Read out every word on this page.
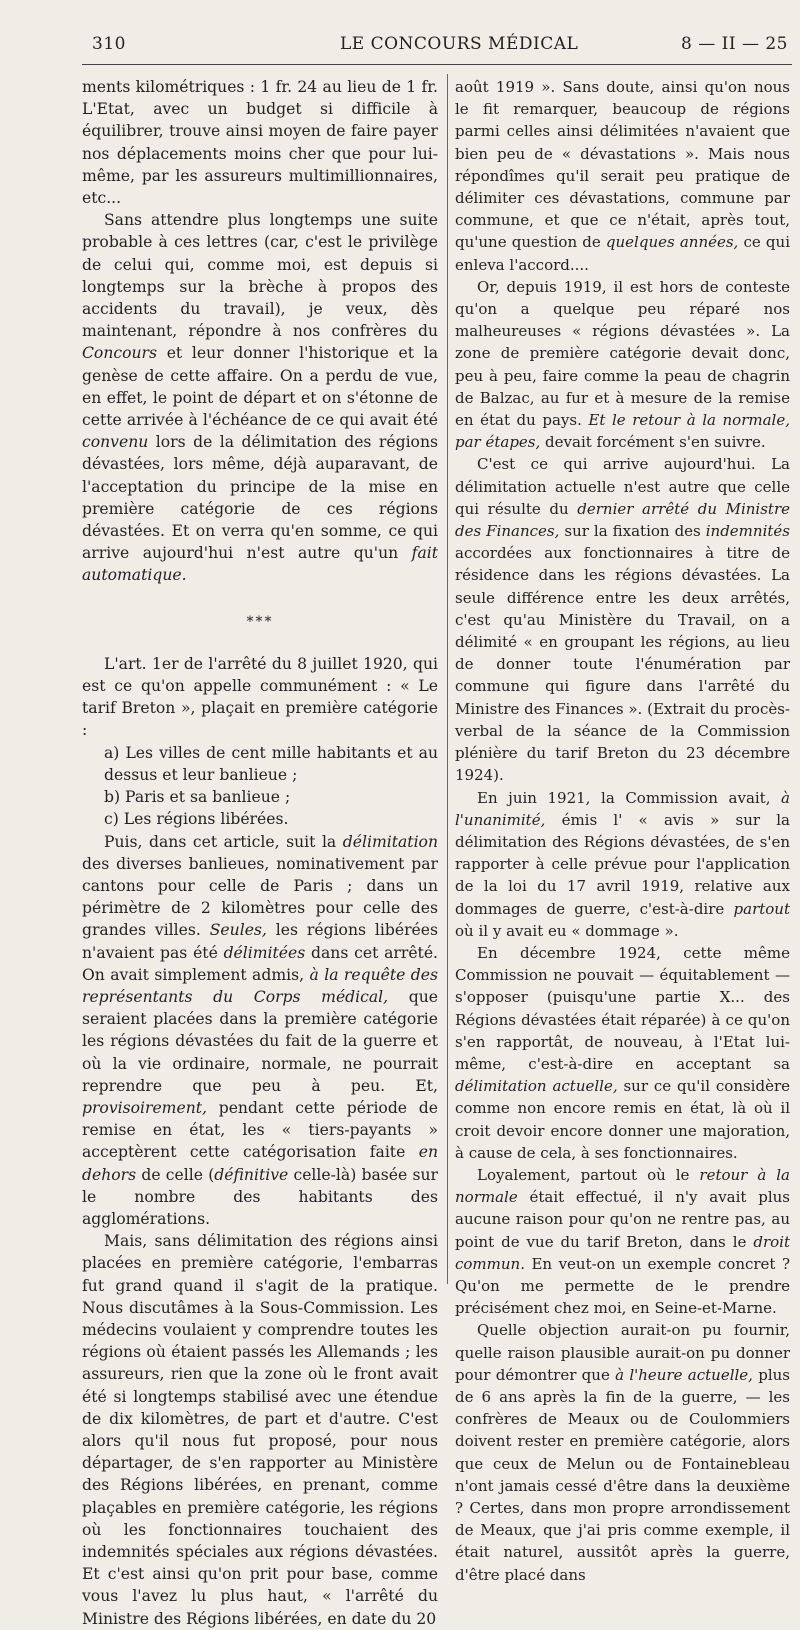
310	LE CONCOURS MÉDICAL	8 — II — 25

ments kilométriques : 1 fr. 24 au lieu de 1 fr. L'Etat, avec un budget si difficile à équilibrer, trouve ainsi moyen de faire payer nos déplacements moins cher que pour lui-même, par les assureurs multimillionnaires, etc...

Sans attendre plus longtemps une suite probable à ces lettres (car, c'est le privilège de celui qui, comme moi, est depuis si longtemps sur la brèche à propos des accidents du travail), je veux, dès maintenant, répondre à nos confrères du Concours et leur donner l'historique et la genèse de cette affaire. On a perdu de vue, en effet, le point de départ et on s'étonne de cette arrivée à l'échéance de ce qui avait été convenu lors de la délimitation des régions dévastées, lors même, déjà auparavant, de l'acceptation du principe de la mise en première catégorie de ces régions dévastées. Et on verra qu'en somme, ce qui arrive aujourd'hui n'est autre qu'un fait automatique.

***

L'art. 1er de l'arrêté du 8 juillet 1920, qui est ce qu'on appelle communément : « Le tarif Breton », plaçait en première catégorie :

a) Les villes de cent mille habitants et au dessus et leur banlieue ;

b) Paris et sa banlieue ;

c) Les régions libérées.

Puis, dans cet article, suit la délimitation des diverses banlieues, nominativement par cantons pour celle de Paris ; dans un périmètre de 2 kilomètres pour celle des grandes villes. Seules, les régions libérées n'avaient pas été délimitées dans cet arrêté. On avait simplement admis, à la requête des représentants du Corps médical, que seraient placées dans la première catégorie les régions dévastées du fait de la guerre et où la vie ordinaire, normale, ne pourrait reprendre que peu à peu. Et, provisoirement, pendant cette période de remise en état, les « tiers-payants » acceptèrent cette catégorisation faite en dehors de celle (définitive celle-là) basée sur le nombre des habitants des agglomérations.

Mais, sans délimitation des régions ainsi placées en première catégorie, l'embarras fut grand quand il s'agit de la pratique. Nous discutâmes à la Sous-Commission. Les médecins voulaient y comprendre toutes les régions où étaient passés les Allemands ; les assureurs, rien que la zone où le front avait été si longtemps stabilisé avec une étendue de dix kilomètres, de part et d'autre. C'est alors qu'il nous fut proposé, pour nous départager, de s'en rapporter au Ministère des Régions libérées, en prenant, comme plaçables en première catégorie, les régions où les fonctionnaires touchaient des indemnités spéciales aux régions dévastées. Et c'est ainsi qu'on prit pour base, comme vous l'avez lu plus haut, « l'arrêté du Ministre des Régions libérées, en date du 20

août 1919 ». Sans doute, ainsi qu'on nous le fit remarquer, beaucoup de régions parmi celles ainsi délimitées n'avaient que bien peu de « dévastations ». Mais nous répondîmes qu'il serait peu pratique de délimiter ces dévastations, commune par commune, et que ce n'était, après tout, qu'une question de quelques années, ce qui enleva l'accord....

Or, depuis 1919, il est hors de conteste qu'on a quelque peu réparé nos malheureuses « régions dévastées ». La zone de première catégorie devait donc, peu à peu, faire comme la peau de chagrin de Balzac, au fur et à mesure de la remise en état du pays. Et le retour à la normale, par étapes, devait forcément s'en suivre.

C'est ce qui arrive aujourd'hui. La délimitation actuelle n'est autre que celle qui résulte du dernier arrêté du Ministre des Finances, sur la fixation des indemnités accordées aux fonctionnaires à titre de résidence dans les régions dévastées. La seule différence entre les deux arrêtés, c'est qu'au Ministère du Travail, on a délimité « en groupant les régions, au lieu de donner toute l'énumération par commune qui figure dans l'arrêté du Ministre des Finances ». (Extrait du procès-verbal de la séance de la Commission plénière du tarif Breton du 23 décembre 1924).

En juin 1921, la Commission avait, à l'unanimité, émis l' « avis » sur la délimitation des Régions dévastées, de s'en rapporter à celle prévue pour l'application de la loi du 17 avril 1919, relative aux dommages de guerre, c'est-à-dire partout où il y avait eu « dommage ».

En décembre 1924, cette même Commission ne pouvait — équitablement — s'opposer (puisqu'une partie X... des Régions dévastées était réparée) à ce qu'on s'en rapportât, de nouveau, à l'Etat lui-même, c'est-à-dire en acceptant sa délimitation actuelle, sur ce qu'il considère comme non encore remis en état, là où il croit devoir encore donner une majoration, à cause de cela, à ses fonctionnaires.

Loyalement, partout où le retour à la normale était effectué, il n'y avait plus aucune raison pour qu'on ne rentre pas, au point de vue du tarif Breton, dans le droit commun. En veut-on un exemple concret ? Qu'on me permette de le prendre précisément chez moi, en Seine-et-Marne.

Quelle objection aurait-on pu fournir, quelle raison plausible aurait-on pu donner pour démontrer que à l'heure actuelle, plus de 6 ans après la fin de la guerre, — les confrères de Meaux ou de Coulommiers doivent rester en première catégorie, alors que ceux de Melun ou de Fontainebleau n'ont jamais cessé d'être dans la deuxième ? Certes, dans mon propre arrondissement de Meaux, que j'ai pris comme exemple, il était naturel, aussitôt après la guerre, d'être placé dans
